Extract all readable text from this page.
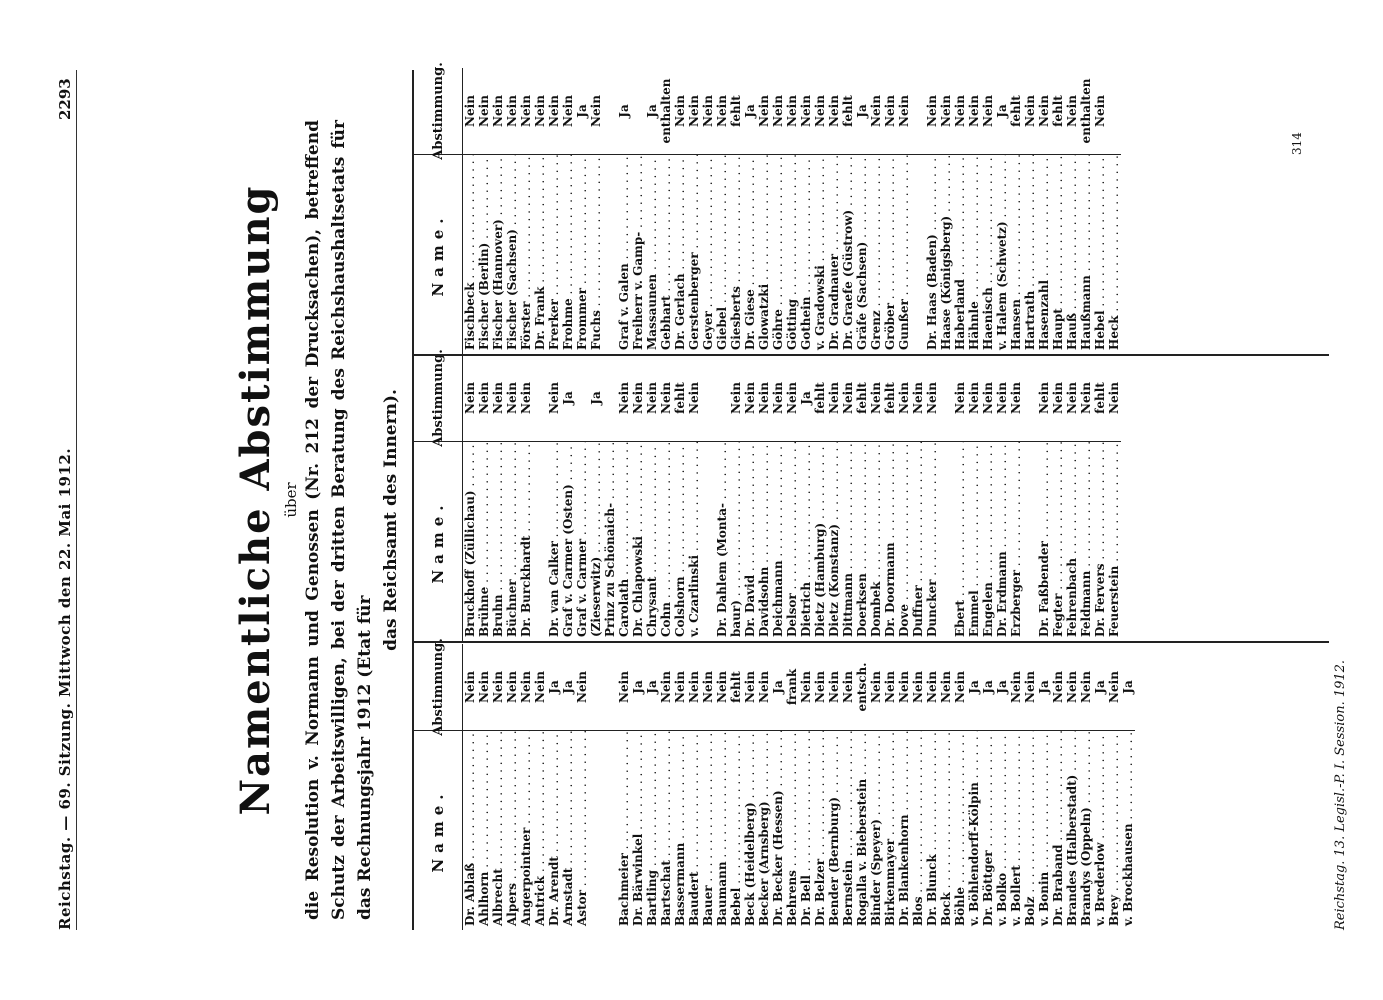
Reichstag. — 69. Sitzung. Mittwoch den 22. Mai 1912.
2293
Namentliche Abstimmung über die Resolution v. Normann und Genossen (Nr. 212 der Drucksachen), betreffend Schutz der Arbeitswilligen, bei der dritten Beratung des Reichshaushaltsetats für das Rechnungsjahr 1912 (Etat für
das Reichsamt des Innern).
Name.
Abstimmung.
Dr. Ablaß . . .
Nein
Ahlhorn . . .
Nein
Albrecht . . .
Nein
Alpers . . .
Nein
Angerpointner . . .
Nein
Antrick . . .
Nein
Dr. Arendt . . .
Ja
Arnstadt . . .
Ja
Astor . . .
Nein
Bachmeier . . .
Nein
Dr. Bärwinkel . . .
Ja
Bartling . . .
Ja
Bartschat . . .
Nein
Bassermann . . .
Nein
Baudert . . .
Nein
Bauer . . .
Nein
Baumann . . .
Nein
Bebel . . .
fehlt
Beck (Heidelberg) . . .
Nein
Becker (Arnsberg) . . .
Nein
Dr. Becker (Hessen) . . .
Ja
Behrens . . .
frank
Dr. Bell . . .
Nein
Dr. Belzer . . .
Nein
Bender (Bernburg) . . .
Nein
Bernstein . . .
Nein
Rogalla v. Bieberstein . . .
entsch.
Binder (Speyer) . . .
Nein
Birkenmayer . . .
Nein
Dr. Blankenhorn . . .
Nein
Blos . . .
Nein
Dr. Blunck . . .
Nein
Bock . . .
Nein
Böhle . . .
Nein
v. Böhlendorff-Kölpin . . .
Ja
Dr. Böttger . . .
Ja
v. Bolko . . .
Ja
v. Bollert . . .
Nein
Bolz . . .
Nein
v. Bonin . . .
Ja
Dr. Braband . . .
Nein
Brandes (Halberstadt) . . .
Nein
Brandys (Oppeln) . . .
Nein
v. Brederlow . . .
Ja
Brey . . .
Nein
v. Brockhausen . . .
Ja
Name.
Abstimmung.
Bruckhoff (Züllichau) . . .
Nein
Brühne . . .
Nein
Bruhn . . .
Nein
Büchner . . .
Nein
Dr. Burckhardt . . .
Nein
Dr. van Calker . . .
Nein
Graf v. Carmer (Osten) . . .
Ja
Graf v. Carmer . . . (Zieserwitz) . . .
Ja
Prinz zu Schönaich- . . . Carolath . . .
Nein
Dr. Chlapowski . . .
Nein
Chrysant . . .
Nein
Cohn . . .
Nein
Colshorn . . .
fehlt
v. Czarlinski . . .
Nein
Dr. Dahlem (Monta- . . . baur) . . .
Nein
Dr. David . . .
Nein
Davidsohn . . .
Nein
Deichmann . . .
Nein
Delsor . . .
Nein
Dietrich . . .
Ja
Dietz (Hamburg) . . .
fehlt
Dietz (Konstanz) . . .
Nein
Dittmann . . .
Nein
Doerksen . . .
fehlt
Dombek . . .
Nein
Dr. Doormann . . .
fehlt
Dove . . .
Nein
Duffner . . .
Nein
Duncker . . .
Nein
Ebert . . .
Nein
Emmel . . .
Nein
Engelen . . .
Nein
Dr. Erdmann . . .
Nein
Erzberger . . .
Nein
Dr. Faßbender . . .
Nein
Fegter . . .
Nein
Fehrenbach . . .
Nein
Feldmann . . .
Nein
Dr. Fervers . . .
fehlt
Feuerstein . . .
Nein
Name.
Abstimmung.
Fischbeck . . .
Nein
Fischer (Berlin) . . .
Nein
Fischer (Hannover) . . .
Nein
Fischer (Sachsen) . . .
Nein
Förster . . .
Nein
Dr. Frank . . .
Nein
Frerker . . .
Nein
Frohme . . .
Nein
Frommer . . .
Ja
Fuchs . . .
Nein
Graf v. Galen . . .
Ja
Freiherr v. Gamp- . . . Massaunen . . .
Ja
Gebhart . . .
enthalten
Dr. Gerlach . . .
Nein
Gerstenberger . . .
Nein
Geyer . . .
Nein
Giebel . . .
Nein
Giesberts . . .
fehlt
Dr. Giese . . .
Ja
Glowatzki . . .
Nein
Göhre . . .
Nein
Götting . . .
Nein
Gothein . . .
Nein
v. Gradowski . . .
Nein
Dr. Gradnauer . . .
Nein
Dr. Graefe (Güstrow) . . .
fehlt
Gräfe (Sachsen) . . .
Ja
Grenz . . .
Nein
Gröber . . .
Nein
Gunßer . . .
Nein
Dr. Haas (Baden) . . .
Nein
Haase (Königsberg) . . .
Nein
Haberland . . .
Nein
Hähnle . . .
Nein
Haenisch . . .
Nein
v. Halem (Schwetz) . . .
Ja
Hansen . . .
fehlt
Hartrath . . .
Nein
Hasenzahl . . .
Nein
Haupt . . .
fehlt
Hauß . . .
Nein
Haußmann . . .
enthalten
Hebel . . .
Nein
Heck . . .
314
Reichstag. 13. Legisl.-P. I. Session. 1912.
